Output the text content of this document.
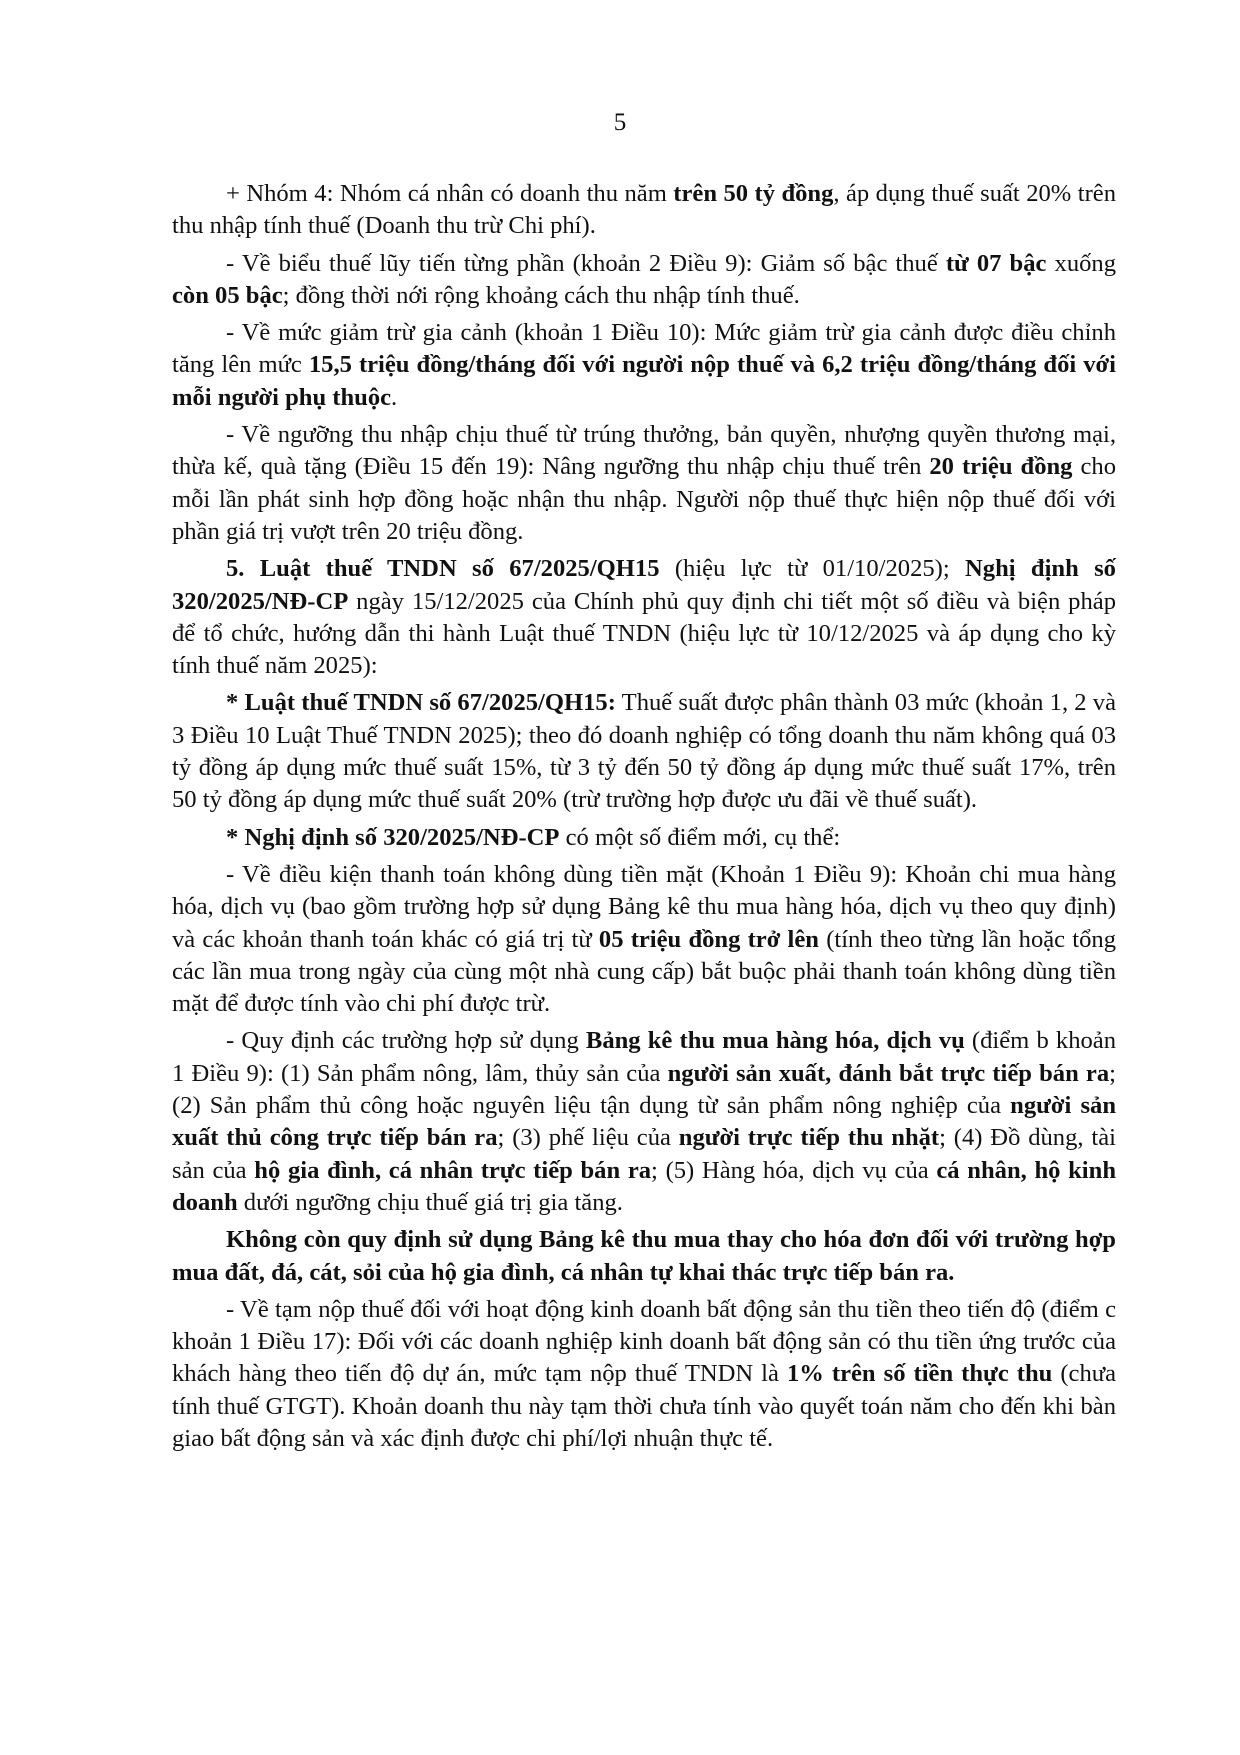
5

+ Nhóm 4: Nhóm cá nhân có doanh thu năm trên 50 tỷ đồng, áp dụng thuế suất 20% trên thu nhập tính thuế (Doanh thu trừ Chi phí).

- Về biểu thuế lũy tiến từng phần (khoản 2 Điều 9): Giảm số bậc thuế từ 07 bậc xuống còn 05 bậc; đồng thời nới rộng khoảng cách thu nhập tính thuế.

- Về mức giảm trừ gia cảnh (khoản 1 Điều 10): Mức giảm trừ gia cảnh được điều chỉnh tăng lên mức 15,5 triệu đồng/tháng đối với người nộp thuế và 6,2 triệu đồng/tháng đối với mỗi người phụ thuộc.

- Về ngưỡng thu nhập chịu thuế từ trúng thưởng, bản quyền, nhượng quyền thương mại, thừa kế, quà tặng (Điều 15 đến 19): Nâng ngưỡng thu nhập chịu thuế trên 20 triệu đồng cho mỗi lần phát sinh hợp đồng hoặc nhận thu nhập. Người nộp thuế thực hiện nộp thuế đối với phần giá trị vượt trên 20 triệu đồng.

5. Luật thuế TNDN số 67/2025/QH15 (hiệu lực từ 01/10/2025); Nghị định số 320/2025/NĐ-CP ngày 15/12/2025 của Chính phủ quy định chi tiết một số điều và biện pháp để tổ chức, hướng dẫn thi hành Luật thuế TNDN (hiệu lực từ 10/12/2025 và áp dụng cho kỳ tính thuế năm 2025):

* Luật thuế TNDN số 67/2025/QH15: Thuế suất được phân thành 03 mức (khoản 1, 2 và 3 Điều 10 Luật Thuế TNDN 2025); theo đó doanh nghiệp có tổng doanh thu năm không quá 03 tỷ đồng áp dụng mức thuế suất 15%, từ 3 tỷ đến 50 tỷ đồng áp dụng mức thuế suất 17%, trên 50 tỷ đồng áp dụng mức thuế suất 20% (trừ trường hợp được ưu đãi về thuế suất).

* Nghị định số 320/2025/NĐ-CP có một số điểm mới, cụ thể:

- Về điều kiện thanh toán không dùng tiền mặt (Khoản 1 Điều 9): Khoản chi mua hàng hóa, dịch vụ (bao gồm trường hợp sử dụng Bảng kê thu mua hàng hóa, dịch vụ theo quy định) và các khoản thanh toán khác có giá trị từ 05 triệu đồng trở lên (tính theo từng lần hoặc tổng các lần mua trong ngày của cùng một nhà cung cấp) bắt buộc phải thanh toán không dùng tiền mặt để được tính vào chi phí được trừ.

- Quy định các trường hợp sử dụng Bảng kê thu mua hàng hóa, dịch vụ (điểm b khoản 1 Điều 9): (1) Sản phẩm nông, lâm, thủy sản của người sản xuất, đánh bắt trực tiếp bán ra; (2) Sản phẩm thủ công hoặc nguyên liệu tận dụng từ sản phẩm nông nghiệp của người sản xuất thủ công trực tiếp bán ra; (3) phế liệu của người trực tiếp thu nhặt; (4) Đồ dùng, tài sản của hộ gia đình, cá nhân trực tiếp bán ra; (5) Hàng hóa, dịch vụ của cá nhân, hộ kinh doanh dưới ngưỡng chịu thuế giá trị gia tăng.

Không còn quy định sử dụng Bảng kê thu mua thay cho hóa đơn đối với trường hợp mua đất, đá, cát, sỏi của hộ gia đình, cá nhân tự khai thác trực tiếp bán ra.

- Về tạm nộp thuế đối với hoạt động kinh doanh bất động sản thu tiền theo tiến độ (điểm c khoản 1 Điều 17): Đối với các doanh nghiệp kinh doanh bất động sản có thu tiền ứng trước của khách hàng theo tiến độ dự án, mức tạm nộp thuế TNDN là 1% trên số tiền thực thu (chưa tính thuế GTGT). Khoản doanh thu này tạm thời chưa tính vào quyết toán năm cho đến khi bàn giao bất động sản và xác định được chi phí/lợi nhuận thực tế.
